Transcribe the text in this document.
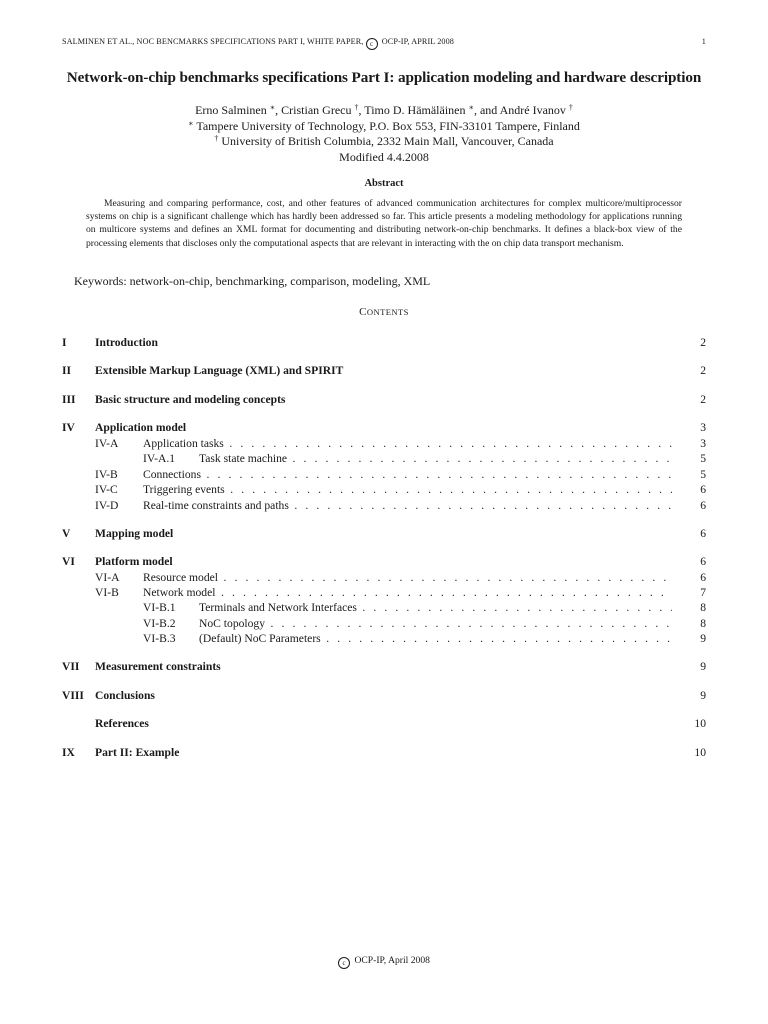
SALMINEN ET AL., NOC BENCMARKS SPECIFICATIONS PART I, WHITE PAPER, c OCP-IP, APRIL 2008	1
Network-on-chip benchmarks specifications Part I: application modeling and hardware description
Erno Salminen ∗, Cristian Grecu †, Timo D. Hämäläinen ∗, and André Ivanov †
∗ Tampere University of Technology, P.O. Box 553, FIN-33101 Tampere, Finland
† University of British Columbia, 2332 Main Mall, Vancouver, Canada
Modified 4.4.2008
Abstract
Measuring and comparing performance, cost, and other features of advanced communication architectures for complex multicore/multiprocessor systems on chip is a significant challenge which has hardly been addressed so far. This article presents a modeling methodology for applications running on multicore systems and defines an XML format for documenting and distributing network-on-chip benchmarks. It defines a black-box view of the processing elements that discloses only the computational aspects that are relevant in interacting with the on chip data transport mechanism.
Keywords: network-on-chip, benchmarking, comparison, modeling, XML
CONTENTS
I Introduction	2
II Extensible Markup Language (XML) and SPIRIT	2
III Basic structure and modeling concepts	2
IV Application model	3
IV-A Application tasks . . .	3
IV-A.1 Task state machine . . .	5
IV-B Connections . . .	5
IV-C Triggering events . . .	6
IV-D Real-time constraints and paths . . .	6
V Mapping model	6
VI Platform model	6
VI-A Resource model . . .	6
VI-B Network model . . .	7
VI-B.1 Terminals and Network Interfaces . . .	8
VI-B.2 NoC topology . . .	8
VI-B.3 (Default) NoC Parameters . . .	9
VII Measurement constraints	9
VIII Conclusions	9
References	10
IX Part II: Example	10
c OCP-IP, April 2008
